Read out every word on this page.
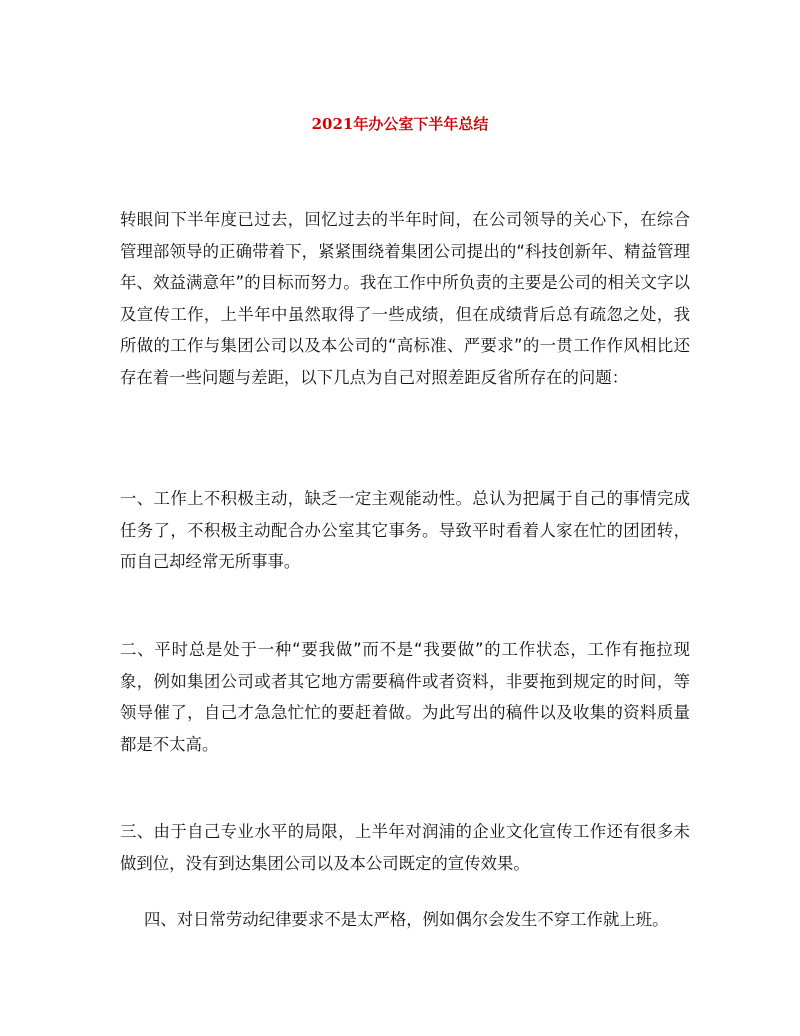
2021年办公室下半年总结

转眼间下半年度已过去，回忆过去的半年时间，在公司领导的关心下，在综合管理部领导的正确带着下，紧紧围绕着集团公司提出的“科技创新年、精益管理年、效益满意年”的目标而努力。我在工作中所负责的主要是公司的相关文字以及宣传工作，上半年中虽然取得了一些成绩，但在成绩背后总有疏忽之处，我所做的工作与集团公司以及本公司的“高标准、严要求”的一贯工作作风相比还存在着一些问题与差距，以下几点为自己对照差距反省所存在的问题：

一、工作上不积极主动，缺乏一定主观能动性。总认为把属于自己的事情完成任务了，不积极主动配合办公室其它事务。导致平时看着人家在忙的团团转，而自己却经常无所事事。

二、平时总是处于一种“要我做”而不是“我要做”的工作状态，工作有拖拉现象，例如集团公司或者其它地方需要稿件或者资料，非要拖到规定的时间，等领导催了，自己才急急忙忙的要赶着做。为此写出的稿件以及收集的资料质量都是不太高。

三、由于自己专业水平的局限，上半年对润浦的企业文化宣传工作还有很多未做到位，没有到达集团公司以及本公司既定的宣传效果。

四、对日常劳动纪律要求不是太严格，例如偶尔会发生不穿工作就上班。
